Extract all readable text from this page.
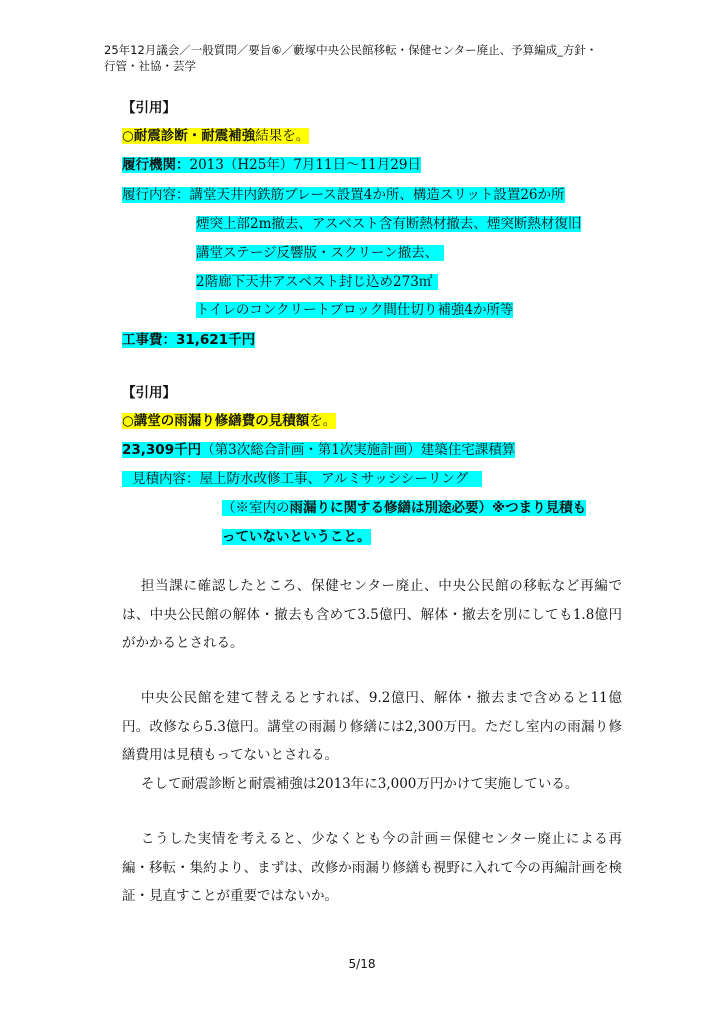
25年12月議会／一般質問／要旨⑥／藪塚中央公民館移転・保健センター廃止、予算編成_方針・
行管・社協・芸学
【引用】
○耐震診断・耐震補強結果を。
履行機関：2013（H25年）7月11日～11月29日
履行内容：講堂天井内鉄筋ブレース設置4か所、構造スリット設置26か所
煙突上部2m撤去、アスベスト含有断熱材撤去、煙突断熱材復旧
講堂ステージ反響版・スクリーン撤去、
2階廊下天井アスベスト封じ込め273㎡
トイレのコンクリートブロック間仕切り補強4か所等
工事費：31,621千円
【引用】
○講堂の雨漏り修繕費の見積額を。
23,309千円（第3次総合計画・第1次実施計画）建築住宅課積算
見積内容：屋上防水改修工事、アルミサッシシーリング
（※室内の雨漏りに関する修繕は別途必要）※つまり見積も
っていないということ。

担当課に確認したところ、保健センター廃止、中央公民館の移転など再編では、中央公民館の解体・撤去も含めて3.5億円、解体・撤去を別にしても1.8億円がかかるとされる。

中央公民館を建て替えるとすれば、9.2億円、解体・撤去まで含めると11億円。改修なら5.3億円。講堂の雨漏り修繕には2,300万円。ただし室内の雨漏り修繕費用は見積もってないとされる。

そして耐震診断と耐震補強は2013年に3,000万円かけて実施している。

こうした実情を考えると、少なくとも今の計画＝保健センター廃止による再編・移転・集約より、まずは、改修か雨漏り修繕も視野に入れて今の再編計画を検証・見直すことが重要ではないか。

5/18
